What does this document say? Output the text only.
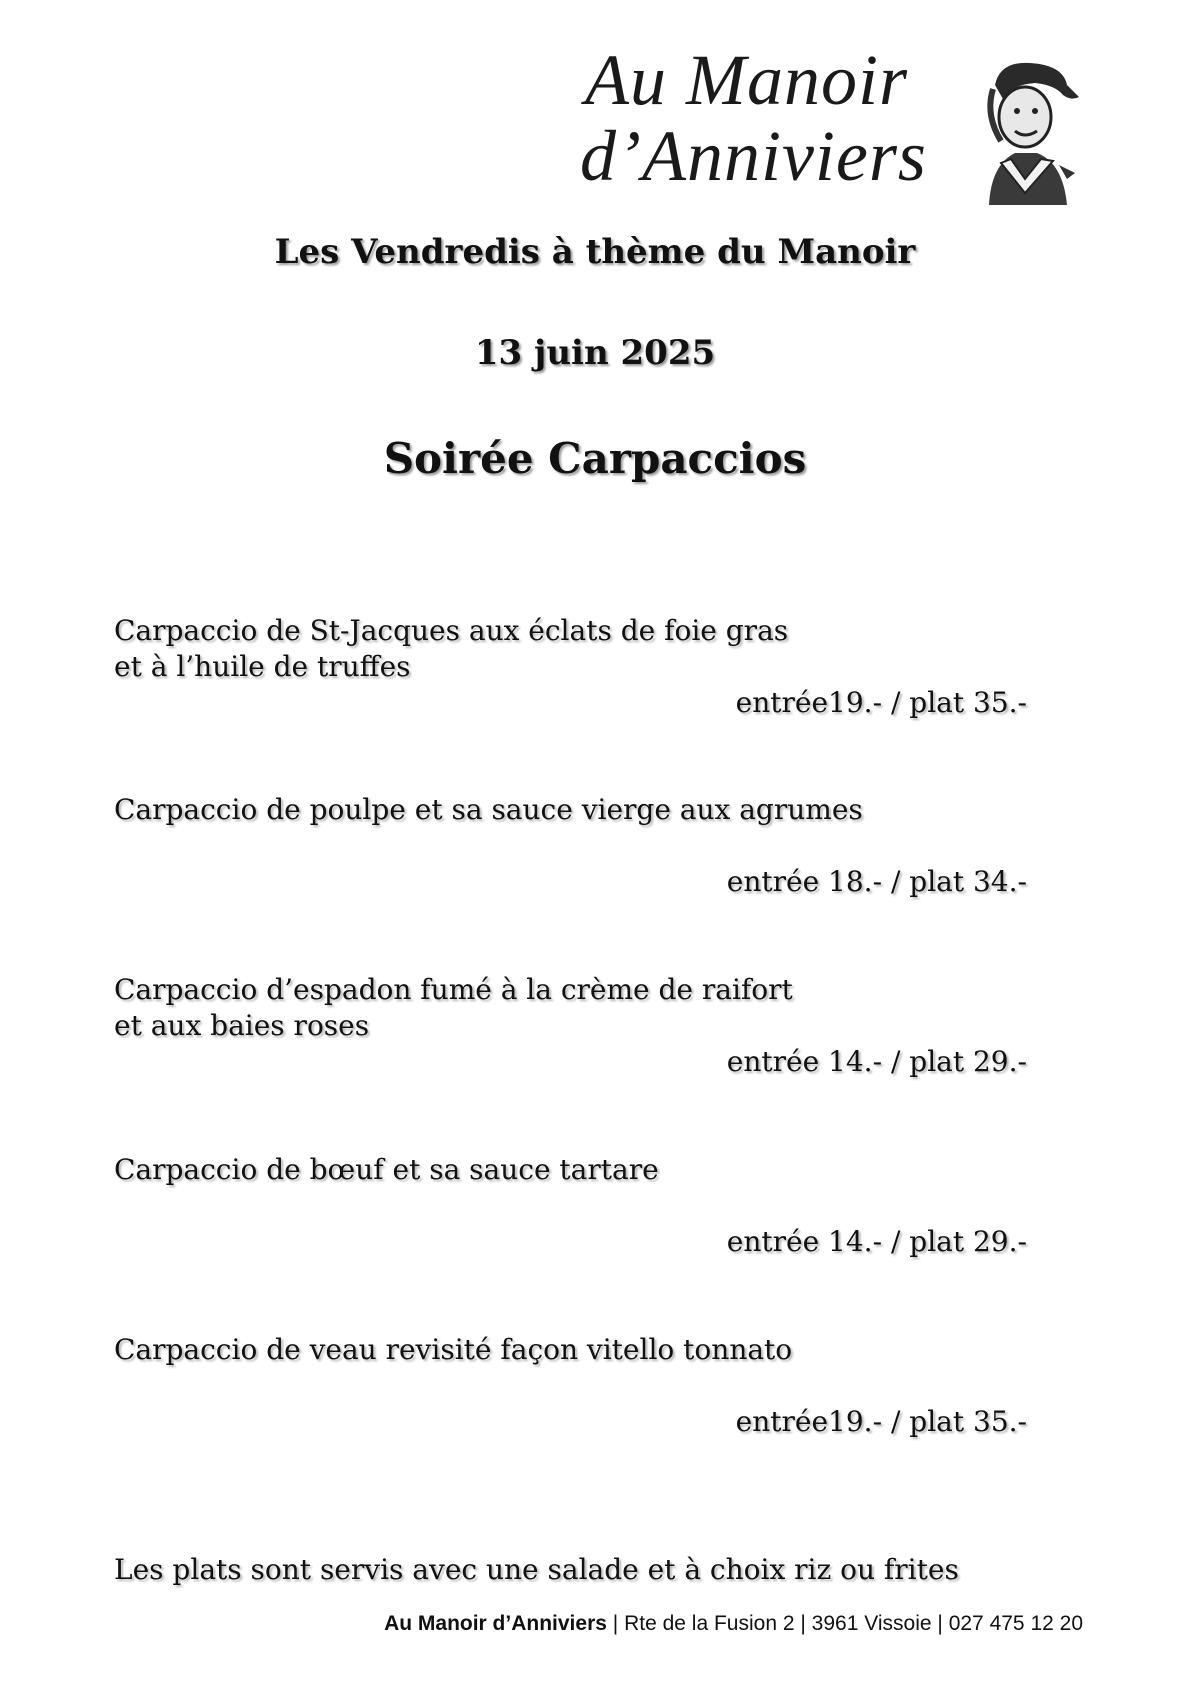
Au Manoir
d’Anniviers
Les Vendredis à thème du Manoir
13 juin 2025
Soirée Carpaccios
Carpaccio de St-Jacques aux éclats de foie gras
et à l’huile de truffes
entrée19.- / plat 35.-
Carpaccio de poulpe et sa sauce vierge aux agrumes
entrée 18.- / plat 34.-
Carpaccio d’espadon fumé à la crème de raifort
et aux baies roses
entrée 14.- / plat 29.-
Carpaccio de bœuf et sa sauce tartare
entrée 14.- / plat 29.-
Carpaccio de veau revisité façon vitello tonnato
entrée19.- / plat 35.-
Les plats sont servis avec une salade et à choix riz ou frites
Au Manoir d’Anniviers | Rte de la Fusion 2 | 3961 Vissoie | 027 475 12 20
